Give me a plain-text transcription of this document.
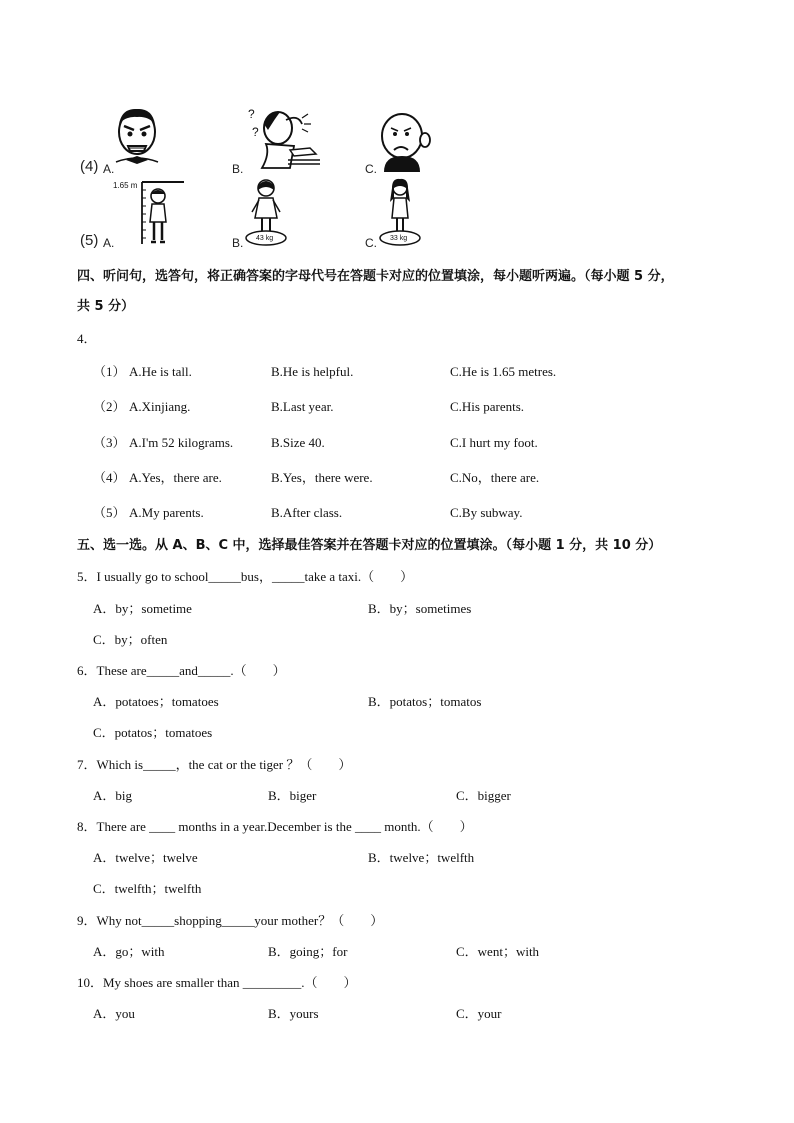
(4) A.	B.
?
?
C.
(5) A.
1.65 m
B. 43 kg	C. 33 kg
四、听问句，选答句，将正确答案的字母代号在答题卡对应的位置填涂，每小题听两遍。（每小题 5 分，
共 5 分）
4．
（1） A.He is tall.	B.He is helpful.	C.He is 1.65 metres.
（2） A.Xinjiang.	B.Last year.	C.His parents.
（3） A.I'm 52 kilograms.	B.Size 40.	C.I hurt my foot.
（4） A.Yes，there are.	B.Yes，there were.	C.No，there are.
（5） A.My parents.	B.After class.	C.By subway.
五、选一选。从 A、B、C 中，选择最佳答案并在答题卡对应的位置填涂。（每小题 1 分，共 10 分）
5．I usually go to school_____bus，_____take a taxi.（　　）
A．by；sometime	B．by；sometimes
C．by；often
6．These are_____and_____.（　　）
A．potatoes；tomatoes	B．potatos；tomatos
C．potatos；tomatoes
7．Which is_____，the cat or the tiger ？（　　）
A．big	B．biger	C．bigger
8．There are ____ months in a year.December is the ____ month.（　　）
A．twelve；twelve	B．twelve；twelfth
C．twelfth；twelfth
9．Why not_____shopping_____your mother？（　　）
A．go；with	B．going；for	C．went；with
10．My shoes are smaller than _________.（　　）
A．you	B．yours	C．your
